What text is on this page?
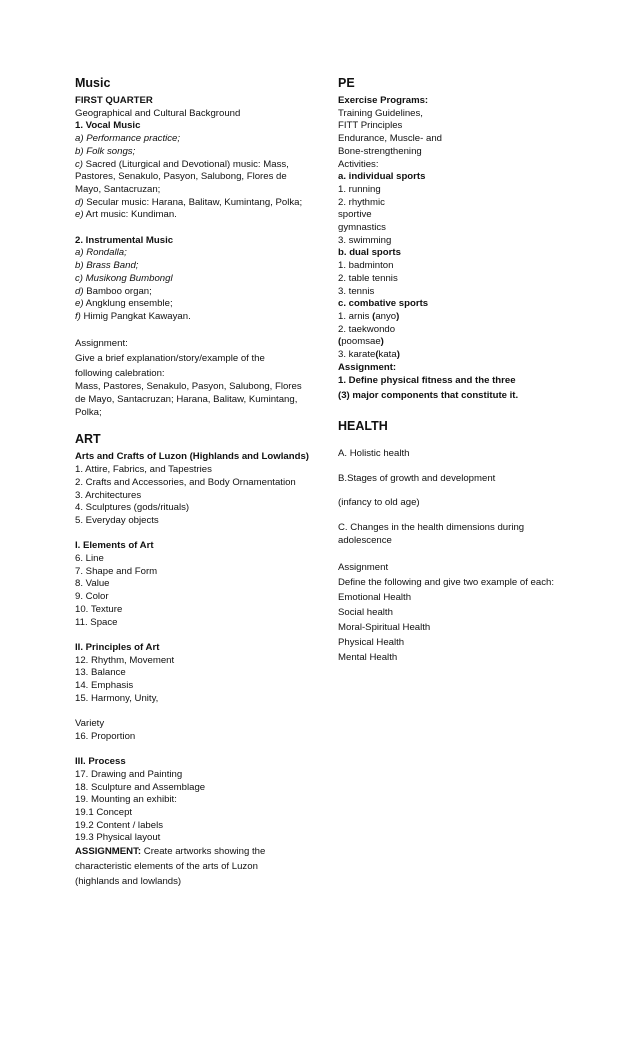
Music
FIRST QUARTER
Geographical and Cultural Background
1. Vocal Music
a) Performance practice;
b) Folk songs;
c) Sacred (Liturgical and Devotional) music: Mass, Pastores, Senakulo, Pasyon, Salubong, Flores de Mayo, Santacruzan;
d) Secular music: Harana, Balitaw, Kumintang, Polka;
e) Art music: Kundiman.
2. Instrumental Music
a) Rondalla;
b) Brass Band;
c) Musikong Bumbongl
d) Bamboo organ;
e) Angklung ensemble;
f) Himig Pangkat Kawayan.
Assignment:
Give a brief explanation/story/example of the following calebration:
Mass, Pastores, Senakulo, Pasyon, Salubong, Flores de Mayo, Santacruzan; Harana, Balitaw, Kumintang, Polka;
ART
Arts and Crafts of Luzon (Highlands and Lowlands)
1. Attire, Fabrics, and Tapestries
2. Crafts and Accessories, and Body Ornamentation
3. Architectures
4. Sculptures (gods/rituals)
5. Everyday objects
I. Elements of Art
6. Line
7. Shape and Form
8. Value
9. Color
10. Texture
11. Space
II. Principles of Art
12. Rhythm, Movement
13. Balance
14. Emphasis
15. Harmony, Unity,
Variety
16. Proportion
III. Process
17. Drawing and Painting
18. Sculpture and Assemblage
19. Mounting an exhibit:
19.1 Concept
19.2 Content / labels
19.3 Physical layout
ASSIGNMENT: Create artworks showing the characteristic elements of the arts of Luzon (highlands and lowlands)
PE
Exercise Programs:
Training Guidelines,
FITT Principles
Endurance, Muscle- and
Bone-strengthening
Activities:
a. individual sports
1. running
2. rhythmic
sportive
gymnastics
3. swimming
b. dual sports
1. badminton
2. table tennis
3. tennis
c. combative sports
1. arnis (anyo)
2. taekwondo
(poomsae)
3. karate(kata)
Assignment:
1. Define physical fitness and the three (3) major components that constitute it.
HEALTH
A. Holistic health
B.Stages of growth and development
(infancy to old age)
C. Changes in the health dimensions during adolescence
Assignment
Define the following and give two example of each:
Emotional Health
Social health
Moral-Spiritual Health
Physical Health
Mental Health
